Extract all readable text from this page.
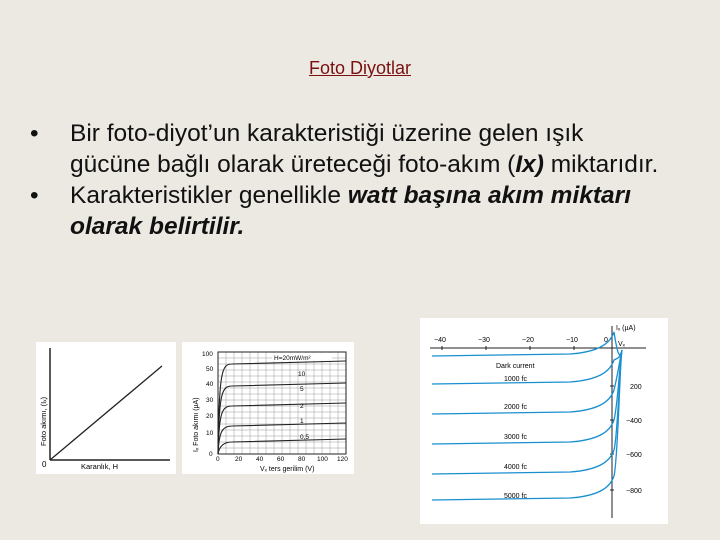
Foto Diyotlar
• Bir foto-diyot’un karakteristiği üzerine gelen ışık gücüne bağlı olarak üreteceği foto-akım (Ix) miktarıdır.
• Karakteristikler genellikle watt başına akım miktarı olarak belirtilir.
0	Karanlık, H
Foto akımı, (Iₓ)
H=20mW/m²
100
50
40
30
20
10
0
0 20 40 60 80 100 120
10
5
2
1
0,5
Vₓ ters gerilim (V)
Iₓ Foto akımı (µA)
−40	−30	−20	−10	0
Iₓ (µA)
Vₓ
Dark current
1000 fc
2000 fc
3000 fc
4000 fc
5000 fc
200
−400
−600
−800
